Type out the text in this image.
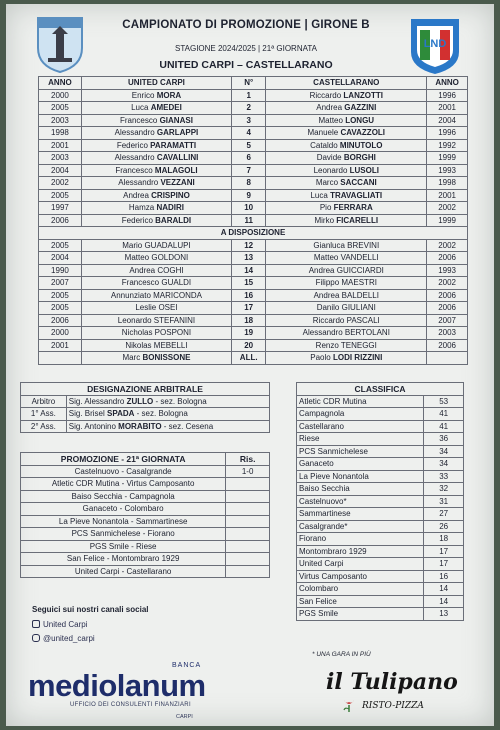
LND
CAMPIONATO DI PROMOZIONE | GIRONE B
STAGIONE 2024/2025 | 21ª GIORNATA
UNITED CARPI – CASTELLARANO
ANNO	UNITED CARPI	N°	CASTELLARANO	ANNO
2000	Enrico MORA	1	Riccardo LANZOTTI	1996
2005	Luca AMEDEI	2	Andrea GAZZINI	2001
2003	Francesco GIANASI	3	Matteo LONGU	2004
1998	Alessandro GARLAPPI	4	Manuele CAVAZZOLI	1996
2001	Federico PARAMATTI	5	Cataldo MINUTOLO	1992
2003	Alessandro CAVALLINI	6	Davide BORGHI	1999
2004	Francesco MALAGOLI	7	Leonardo LUSOLI	1993
2002	Alessandro VEZZANI	8	Marco SACCANI	1998
2005	Andrea CRISPINO	9	Luca TRAVAGLIATI	2001
1997	Hamza NADIRI	10	Pio FERRARA	2002
2006	Federico BARALDI	11	Mirko FICARELLI	1999
A DISPOSIZIONE				
2005	Mario GUADALUPI	12	Gianluca BREVINI	2002
2004	Matteo GOLDONI	13	Matteo VANDELLI	2006
1990	Andrea COGHI	14	Andrea GUICCIARDI	1993
2007	Francesco GUALDI	15	Filippo MAESTRI	2002
2005	Annunziato MARICONDA	16	Andrea BALDELLI	2006
2005	Leslie OSEI	17	Danilo GIULIANI	2006
2006	Leonardo STEFANINI	18	Riccardo PASCALI	2007
2000	Nicholas POSPONI	19	Alessandro BERTOLANI	2003
2001	Nikolas MEBELLI	20	Renzo TENEGGI	2006
	Marc BONISSONE	ALL.	Paolo LODI RIZZINI	
DESIGNAZIONE ARBITRALE	
Arbitro	Sig. Alessandro ZULLO - sez. Bologna
1° Ass.	Sig. Brisel SPADA - sez. Bologna
2° Ass.	Sig. Antonino MORABITO - sez. Cesena
PROMOZIONE - 21ª GIORNATA	Ris.
Castelnuovo - Casalgrande	1-0
Atletic CDR Mutina - Virtus Camposanto	
Baiso Secchia - Campagnola	
Ganaceto - Colombaro	
La Pieve Nonantola - Sammartinese	
PCS Sanmichelese - Fiorano	
PGS Smile - Riese	
San Felice - Montombraro 1929	
United Carpi - Castellarano	
CLASSIFICA	
Atletic CDR Mutina	53
Campagnola	41
Castellarano	41
Riese	36
PCS Sanmichelese	34
Ganaceto	34
La Pieve Nonantola	33
Baiso Secchia	32
Castelnuovo*	31
Sammartinese	27
Casalgrande*	26
Fiorano	18
Montombraro 1929	17
United Carpi	17
Virtus Camposanto	16
Colombaro	14
San Felice	14
PGS Smile	13
* UNA GARA IN PIÙ
Seguici sui nostri canali social
United Carpi
@united_carpi
BANCA
mediolanum
UFFICIO DEI CONSULENTI FINANZIARI
CARPI
il Tulipano
RISTO-PIZZA
